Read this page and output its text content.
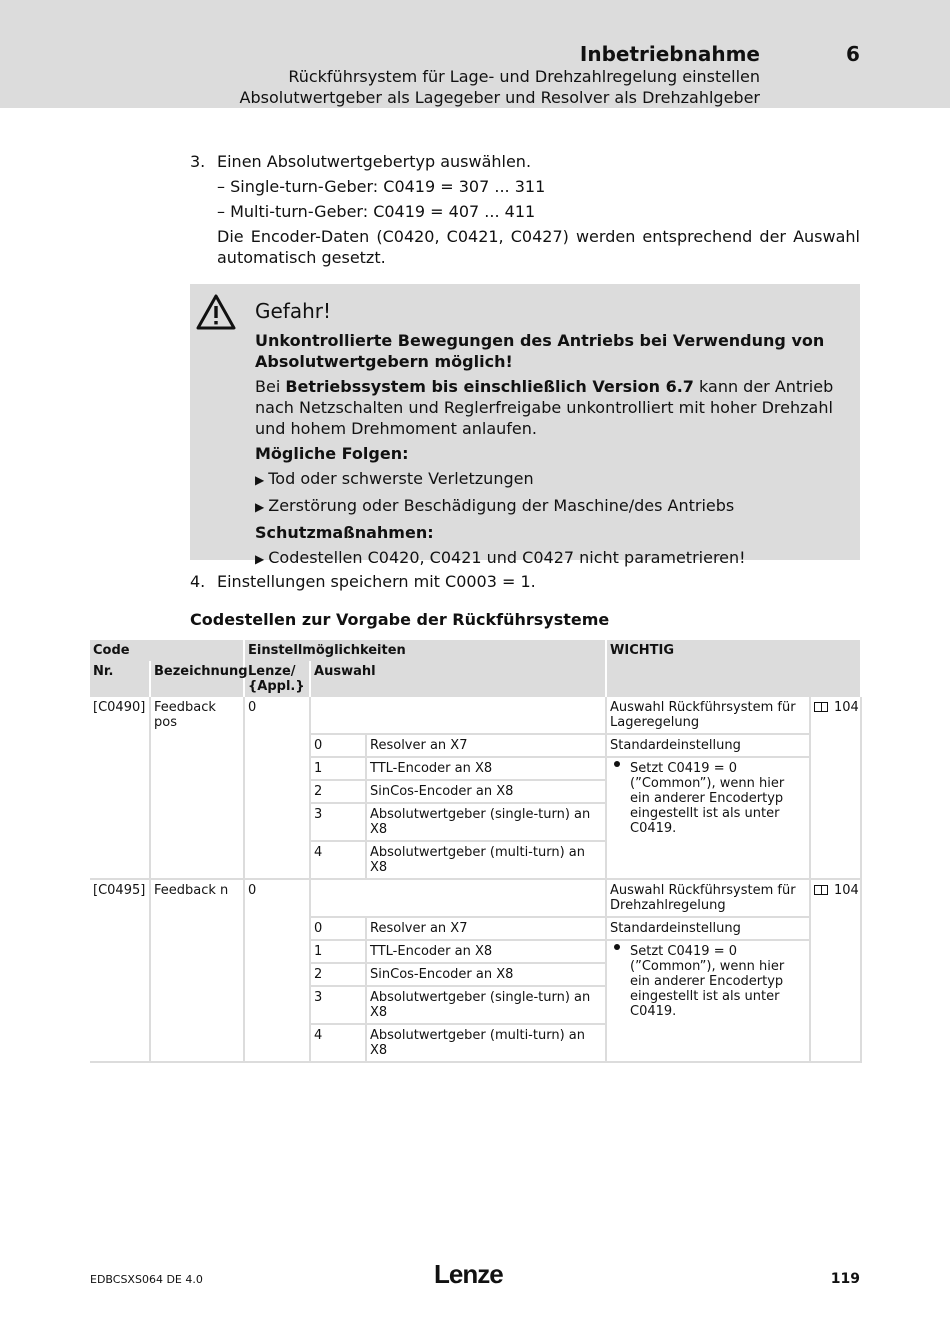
Inbetriebnahme	6
Rückführsystem für Lage- und Drehzahlregelung einstellen
Absolutwertgeber als Lagegeber und Resolver als Drehzahlgeber
3. Einen Absolutwertgebertyp auswählen.
– Single-turn-Geber: C0419 = 307 ... 311
– Multi-turn-Geber: C0419 = 407 ... 411
Die Encoder-Daten (C0420, C0421, C0427) werden entsprechend der Auswahl automatisch gesetzt.
Gefahr!
Unkontrollierte Bewegungen des Antriebs bei Verwendung von Absolutwertgebern möglich!
Bei Betriebssystem bis einschließlich Version 6.7 kann der Antrieb nach Netzschalten und Reglerfreigabe unkontrolliert mit hoher Drehzahl und hohem Drehmoment anlaufen.
Mögliche Folgen:
▶ Tod oder schwerste Verletzungen
▶ Zerstörung oder Beschädigung der Maschine/des Antriebs
Schutzmaßnahmen:
▶ Codestellen C0420, C0421 und C0427 nicht parametrieren!
4. Einstellungen speichern mit C0003 = 1.
Codestellen zur Vorgabe der Rückführsysteme
Code		Einstellmöglichkeiten			WICHTIG	
Nr.	Bezeichnung	Lenze/ {Appl.}	Auswahl			
[C0490]	Feedback pos	0			Auswahl Rückführsystem für Lageregelung	104
			0	Resolver an X7	Standardeinstellung	
			1	TTL-Encoder an X8	Setzt C0419 = 0 (”Common”), wenn hier ein anderer Encodertyp eingestellt ist als unter C0419.	

			2	SinCos-Encoder an X8		
			3	Absolutwertgeber (single-turn) an X8		
			4	Absolutwertgeber (multi-turn) an X8		
[C0495]	Feedback n	0			Auswahl Rückführsystem für Drehzahlregelung	104
			0	Resolver an X7	Standardeinstellung	
			1	TTL-Encoder an X8	Setzt C0419 = 0 (”Common”), wenn hier ein anderer Encodertyp eingestellt ist als unter C0419.	

			2	SinCos-Encoder an X8		
			3	Absolutwertgeber (single-turn) an X8		
			4	Absolutwertgeber (multi-turn) an X8		
EDBCSXS064 DE 4.0	Lenze	119
